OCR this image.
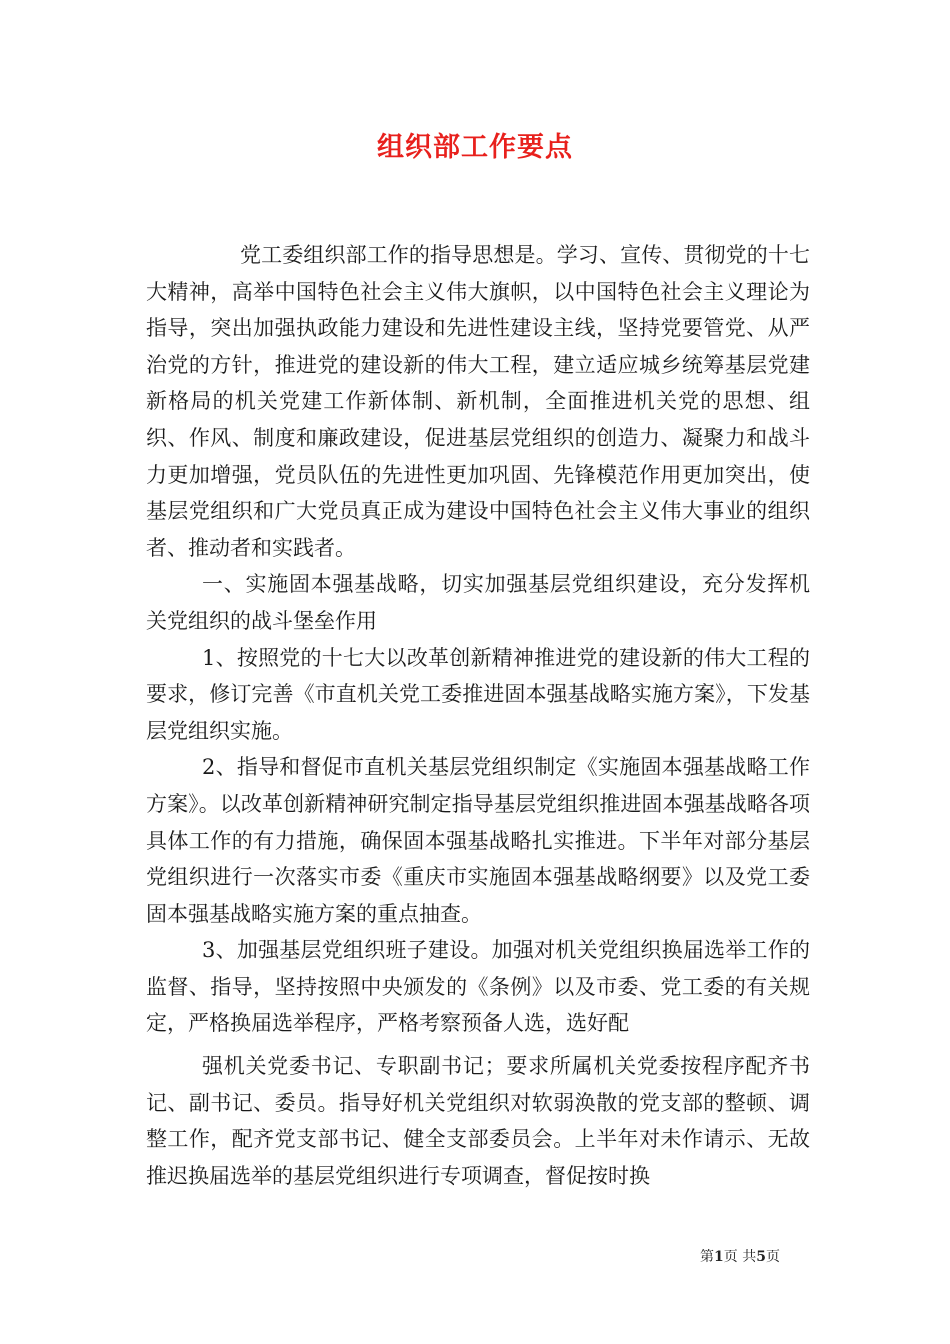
组织部工作要点

党工委组织部工作的指导思想是。学习、宣传、贯彻党的十七大精神，高举中国特色社会主义伟大旗帜，以中国特色社会主义理论为指导，突出加强执政能力建设和先进性建设主线，坚持党要管党、从严治党的方针，推进党的建设新的伟大工程，建立适应城乡统筹基层党建新格局的机关党建工作新体制、新机制，全面推进机关党的思想、组织、作风、制度和廉政建设，促进基层党组织的创造力、凝聚力和战斗力更加增强，党员队伍的先进性更加巩固、先锋模范作用更加突出，使基层党组织和广大党员真正成为建设中国特色社会主义伟大事业的组织者、推动者和实践者。

一、实施固本强基战略，切实加强基层党组织建设，充分发挥机关党组织的战斗堡垒作用

1、按照党的十七大以改革创新精神推进党的建设新的伟大工程的要求，修订完善《市直机关党工委推进固本强基战略实施方案》，下发基层党组织实施。

2、指导和督促市直机关基层党组织制定《实施固本强基战略工作方案》。以改革创新精神研究制定指导基层党组织推进固本强基战略各项具体工作的有力措施，确保固本强基战略扎实推进。下半年对部分基层党组织进行一次落实市委《重庆市实施固本强基战略纲要》以及党工委固本强基战略实施方案的重点抽查。

3、加强基层党组织班子建设。加强对机关党组织换届选举工作的监督、指导，坚持按照中央颁发的《条例》以及市委、党工委的有关规定，严格换届选举程序，严格考察预备人选，选好配

强机关党委书记、专职副书记；要求所属机关党委按程序配齐书记、副书记、委员。指导好机关党组织对软弱涣散的党支部的整顿、调整工作，配齐党支部书记、健全支部委员会。上半年对未作请示、无故推迟换届选举的基层党组织进行专项调查，督促按时换

第1页 共5页
